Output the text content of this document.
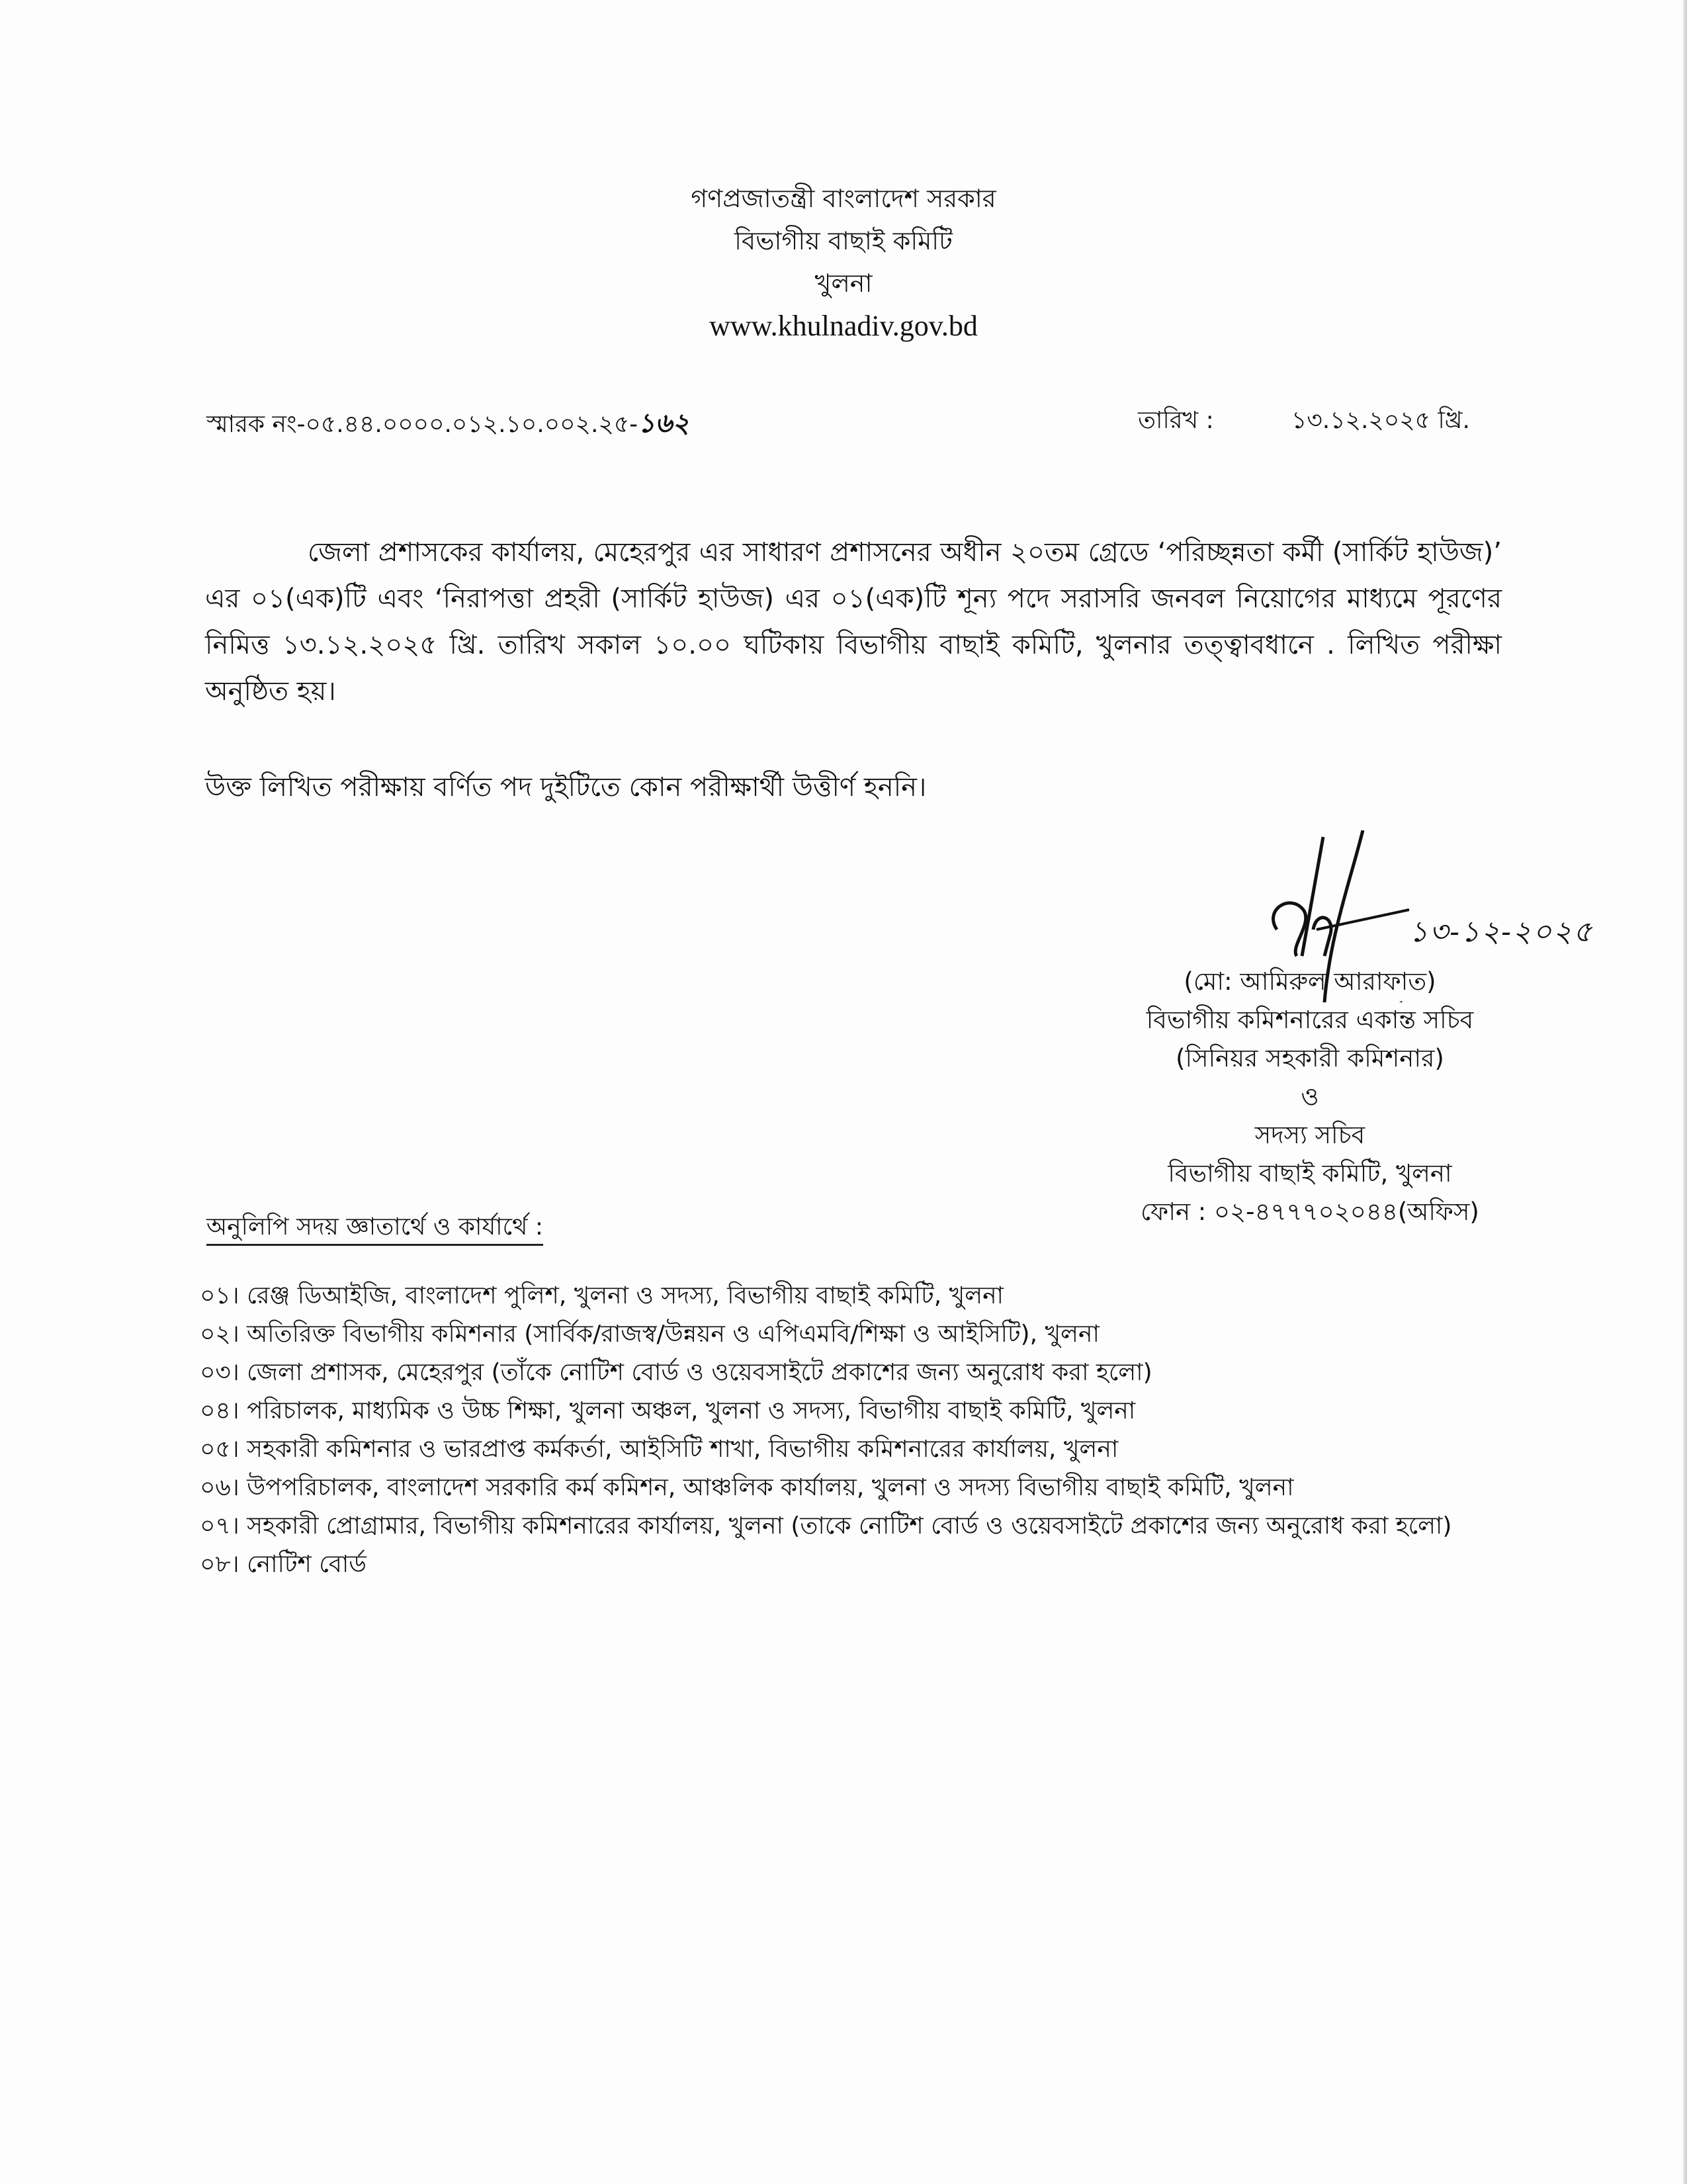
গণপ্রজাতন্ত্রী বাংলাদেশ সরকার
বিভাগীয় বাছাই কমিটি
খুলনা
www.khulnadiv.gov.bd
স্মারক নং-০৫.৪৪.০০০০.০১২.১০.০০২.২৫-১৬২	তারিখ :	১৩.১২.২০২৫ খ্রি.
জেলা প্রশাসকের কার্যালয়, মেহেরপুর এর সাধারণ প্রশাসনের অধীন ২০তম গ্রেডে ‘পরিচ্ছন্নতা কর্মী (সার্কিট হাউজ)’ এর ০১(এক)টি এবং ‘নিরাপত্তা প্রহরী (সার্কিট হাউজ) এর ০১(এক)টি শূন্য পদে সরাসরি জনবল নিয়োগের মাধ্যমে পূরণের নিমিত্ত ১৩.১২.২০২৫ খ্রি. তারিখ সকাল ১০.০০ ঘটিকায় বিভাগীয় বাছাই কমিটি, খুলনার তত্ত্বাবধানে . লিখিত পরীক্ষা অনুষ্ঠিত হয়।
উক্ত লিখিত পরীক্ষায় বর্ণিত পদ দুইটিতে কোন পরীক্ষার্থী উত্তীর্ণ হননি।
১৩-১২-২০২৫
(মো: আমিরুল আরাফাত)
বিভাগীয় কমিশনারের একান্ত সচিব
(সিনিয়র সহকারী কমিশনার)
ও
সদস্য সচিব
বিভাগীয় বাছাই কমিটি, খুলনা
ফোন : ০২-৪৭৭৭০২০৪৪(অফিস)
অনুলিপি সদয় জ্ঞাতার্থে ও কার্যার্থে :
০১। রেঞ্জ ডিআইজি, বাংলাদেশ পুলিশ, খুলনা ও সদস্য, বিভাগীয় বাছাই কমিটি, খুলনা
০২। অতিরিক্ত বিভাগীয় কমিশনার (সার্বিক/রাজস্ব/উন্নয়ন ও এপিএমবি/শিক্ষা ও আইসিটি), খুলনা
০৩। জেলা প্রশাসক, মেহেরপুর (তাঁকে নোটিশ বোর্ড ও ওয়েবসাইটে প্রকাশের জন্য অনুরোধ করা হলো)
০৪। পরিচালক, মাধ্যমিক ও উচ্চ শিক্ষা, খুলনা অঞ্চল, খুলনা ও সদস্য, বিভাগীয় বাছাই কমিটি, খুলনা
০৫। সহকারী কমিশনার ও ভারপ্রাপ্ত কর্মকর্তা, আইসিটি শাখা, বিভাগীয় কমিশনারের কার্যালয়, খুলনা
০৬। উপপরিচালক, বাংলাদেশ সরকারি কর্ম কমিশন, আঞ্চলিক কার্যালয়, খুলনা ও সদস্য বিভাগীয় বাছাই কমিটি, খুলনা
০৭। সহকারী প্রোগ্রামার, বিভাগীয় কমিশনারের কার্যালয়, খুলনা (তাকে নোটিশ বোর্ড ও ওয়েবসাইটে প্রকাশের জন্য অনুরোধ করা হলো)
০৮। নোটিশ বোর্ড
